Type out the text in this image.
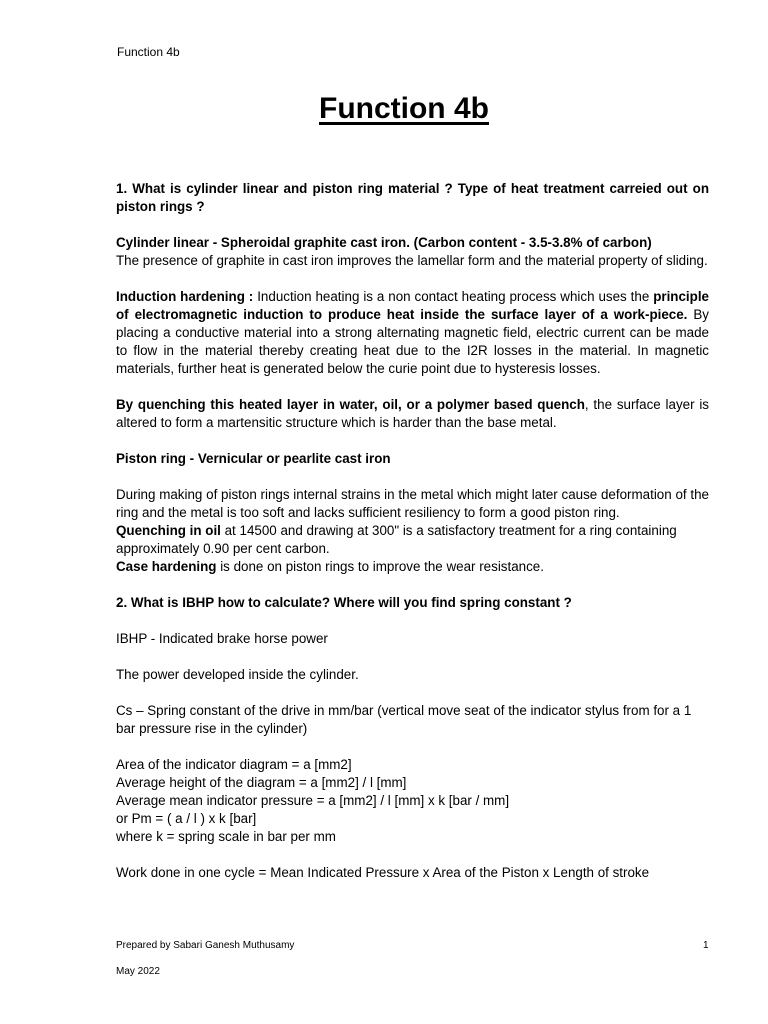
Function 4b
Function 4b

1. What is cylinder linear and piston ring material ? Type of heat treatment carreied out on piston rings ?

Cylinder linear - Spheroidal graphite cast iron. (Carbon content - 3.5-3.8% of carbon)

The presence of graphite in cast iron improves the lamellar form and the material property of sliding.

Induction hardening : Induction heating is a non contact heating process which uses the principle of electromagnetic induction to produce heat inside the surface layer of a work-piece. By placing a conductive material into a strong alternating magnetic field, electric current can be made to flow in the material thereby creating heat due to the I2R losses in the material. In magnetic materials, further heat is generated below the curie point due to hysteresis losses.

By quenching this heated layer in water, oil, or a polymer based quench, the surface layer is altered to form a martensitic structure which is harder than the base metal.

Piston ring - Vernicular or pearlite cast iron

During making of piston rings internal strains in the metal which might later cause deformation of the ring and the metal is too soft and lacks sufficient resiliency to form a good piston ring.

Quenching in oil at 14500 and drawing at 300" is a satisfactory treatment for a ring containing approximately 0.90 per cent carbon.

Case hardening is done on piston rings to improve the wear resistance.

2. What is IBHP how to calculate? Where will you find spring constant ?

IBHP - Indicated brake horse power

The power developed inside the cylinder.

Cs – Spring constant of the drive in mm/bar (vertical move seat of the indicator stylus from for a 1 bar pressure rise in the cylinder)

Area of the indicator diagram = a [mm2]

Average height of the diagram = a [mm2] / l [mm]

Average mean indicator pressure = a [mm2] / l [mm] x k [bar / mm]

or Pm = ( a / l ) x k [bar]

where k = spring scale in bar per mm

Work done in one cycle = Mean Indicated Pressure x Area of the Piston x Length of stroke

Prepared by Sabari Ganesh Muthusamy	1
May 2022
